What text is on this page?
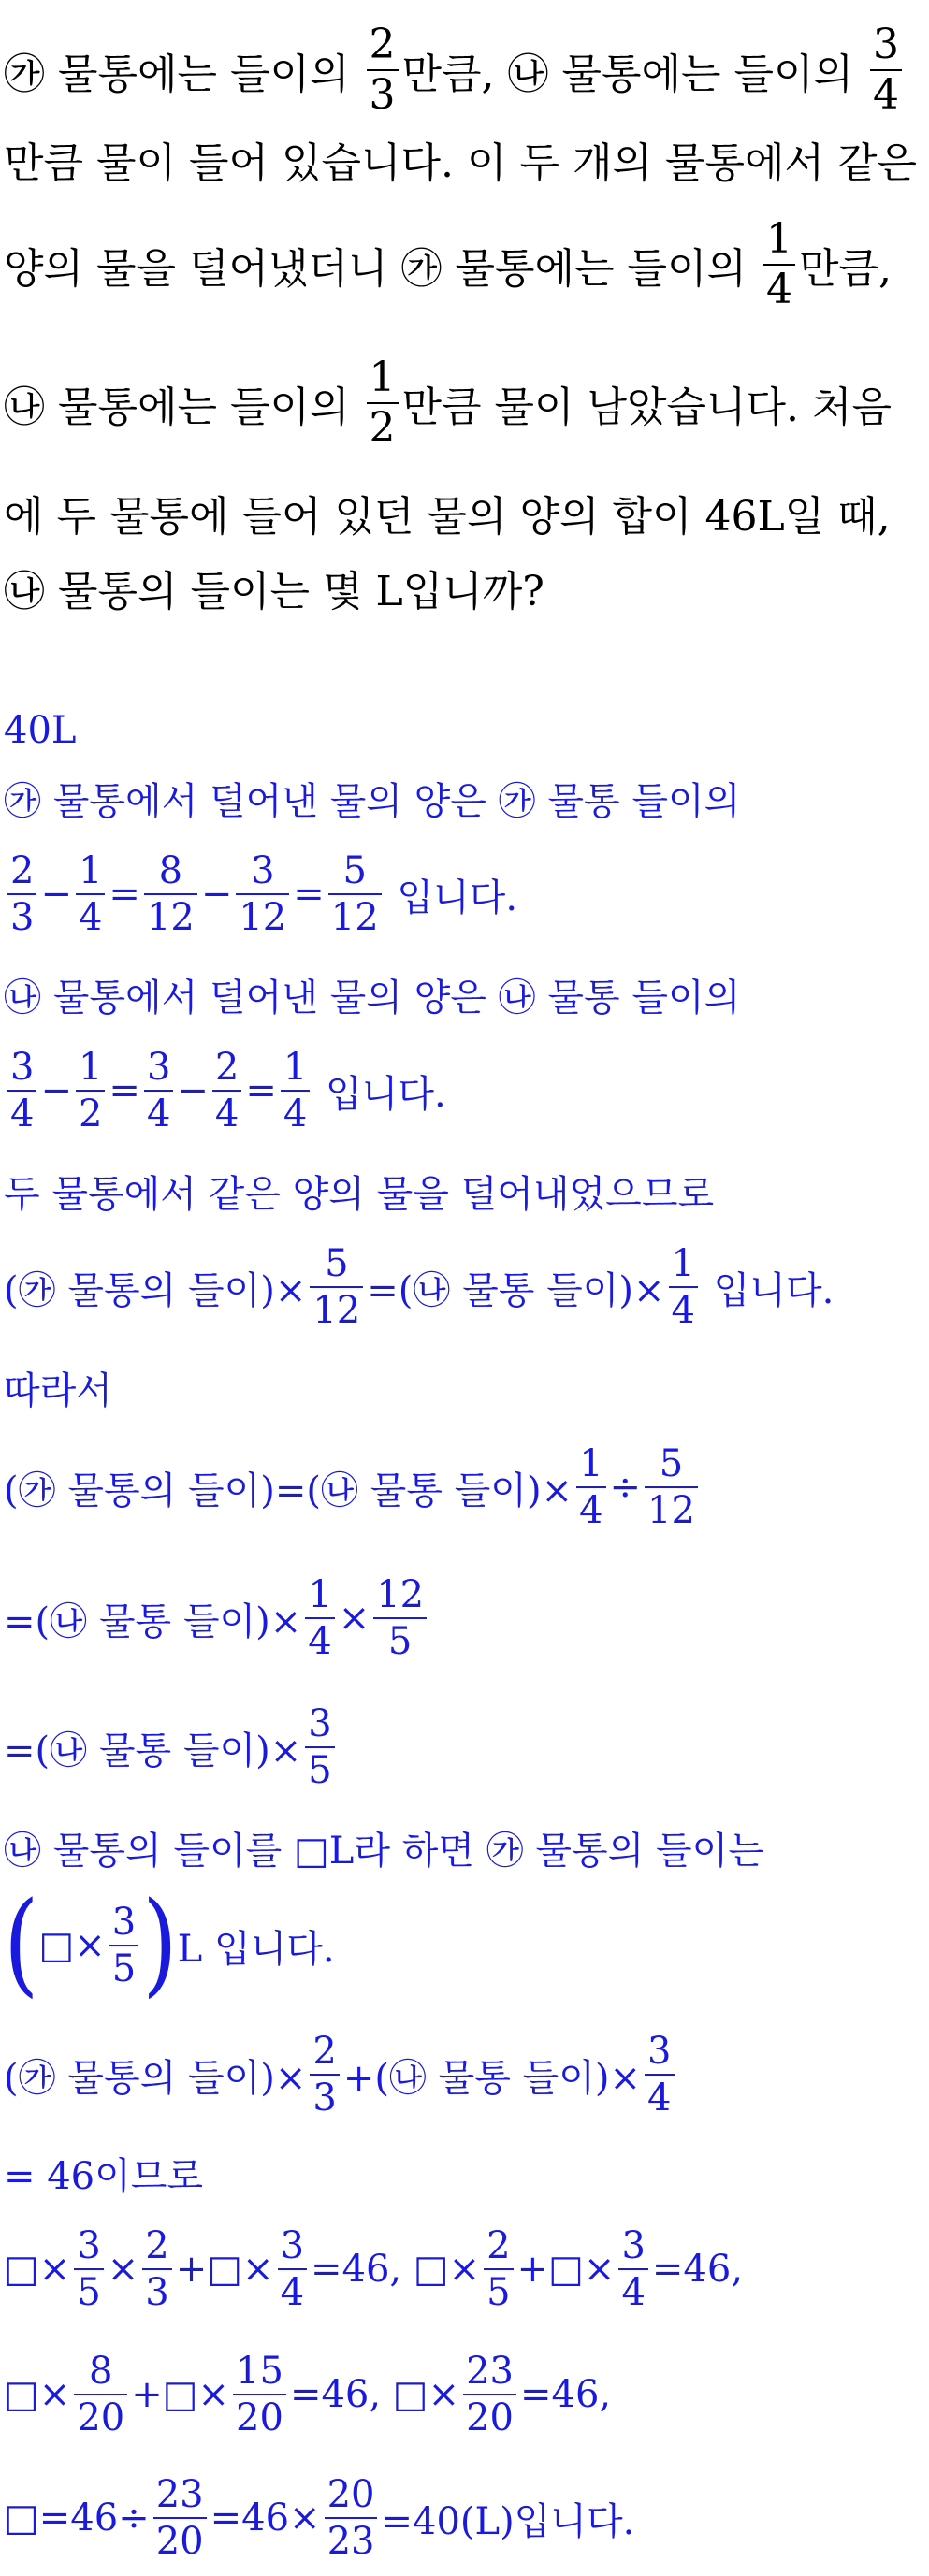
㉮ 물통에는 들이의 $\frac{2}{3}$ 만큼, ㉯ 물통에는 들이의 $\frac{3}{4}$
만큼 물이 들어 있습니다. 이 두 개의 물통에서 같은
양의 물을 덜어냈더니 ㉮ 물통에는 들이의 $\frac{1}{4}$ 만큼,
㉯ 물통에는 들이의 $\frac{1}{2}$ 만큼 물이 남았습니다. 처음
에 두 물통에 들어 있던 물의 양의 합이 46L일 때,
㉯ 물통의 들이는 몇 L입니까?
40L
㉮ 물통에서 덜어낸 물의 양은 ㉮ 물통 들이의
$\frac{2}{3} - \frac{1}{4} = \frac{8}{12} - \frac{3}{12} = \frac{5}{12}$ 입니다.
㉯ 물통에서 덜어낸 물의 양은 ㉯ 물통 들이의
$\frac{3}{4} - \frac{1}{2} = \frac{3}{4} - \frac{2}{4} = \frac{1}{4}$ 입니다.
두 물통에서 같은 양의 물을 덜어내었으므로
(㉮ 물통의 들이)× $\frac{5}{12}$ =(㉯ 물통 들이)× $\frac{1}{4}$ 입니다.
따라서
(㉮ 물통의 들이)=(㉯ 물통 들이)× $\frac{1}{4} \div \frac{5}{12}$
=(㉯ 물통 들이)× $\frac{1}{4} \times \frac{12}{5}$
=(㉯ 물통 들이)× $\frac{3}{5}$
㉯ 물통의 들이를 □L라 하면 ㉮ 물통의 들이는
(□× $\frac{3}{5} )L$ 입니다.
(㉮ 물통의 들이)× $\frac{2}{3}$ +(㉯ 물통 들이)× $\frac{3}{4}$
= 46이므로
□× $\frac{3}{5} \times \frac{2}{3}$ +□× $\frac{3}{4} =46$, □× $\frac{2}{5}$ +□× $\frac{3}{4} =46$,
□× $\frac{8}{20}$ +□× $\frac{15}{20} =46$, □× $\frac{23}{20} =46$,
□=46÷ $\frac{23}{20} =46\times \frac{20}{23} =40(L)$입니다.
